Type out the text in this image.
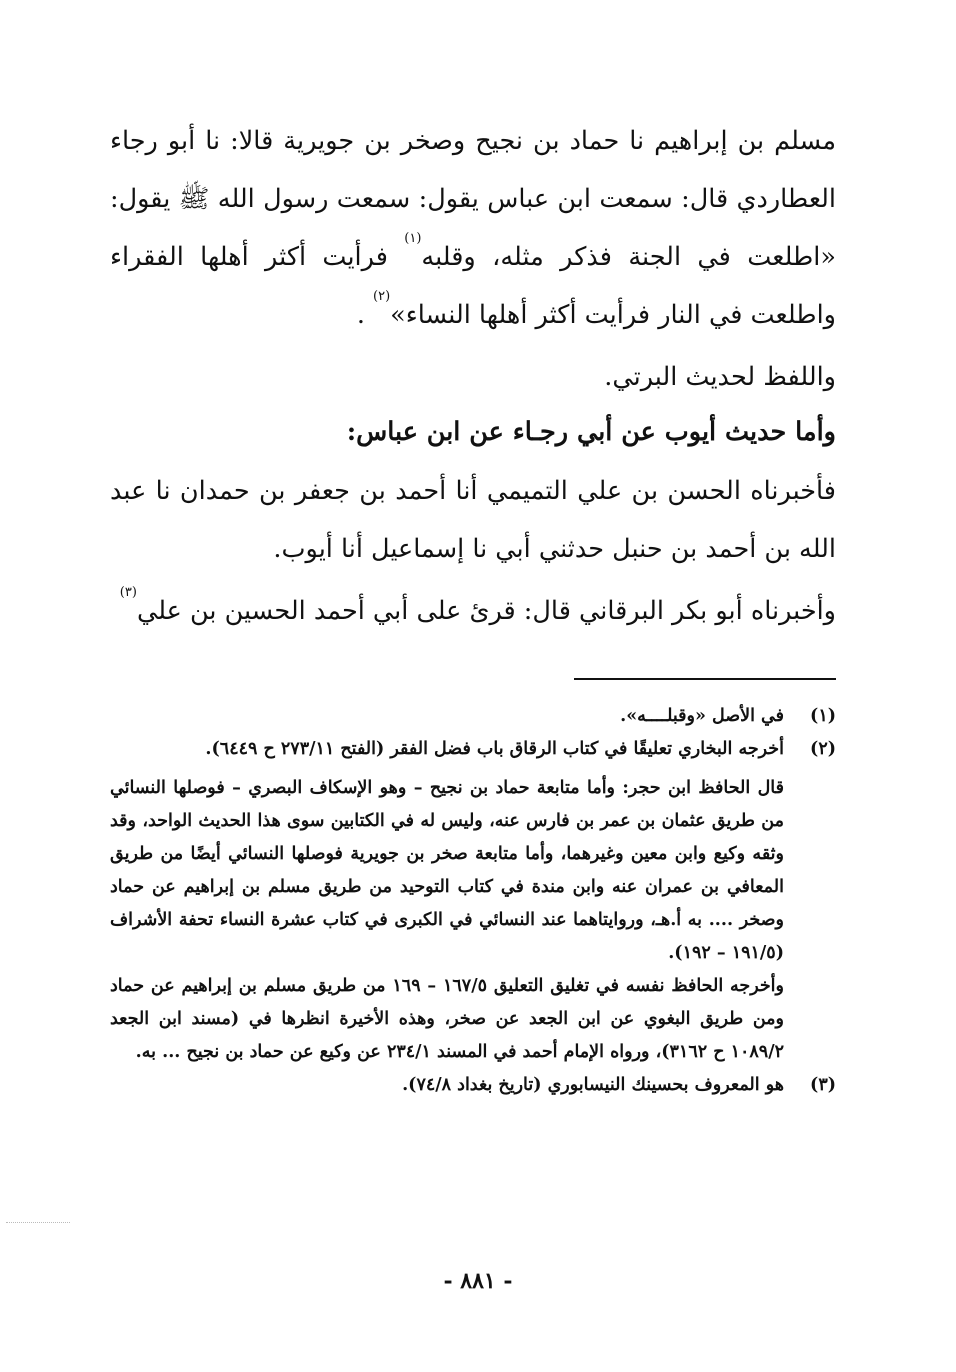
مسلم بن إبراهيم نا حماد بن نجيح وصخر بن جويرية قالا: نا أبو رجاء العطاردي قال: سمعت ابن عباس يقول: سمعت رسول الله ﷺ يقول: «اطلعت في الجنة فذكر مثله، وقلبه$^{(١)}$ فرأيت أكثر أهلها الفقراء واطلعت في النار فرأيت أكثر أهلها النساء»$^{(٢)}$ .

واللفظ لحديث البرتي.

وأما حديث أيوب عن أبي رجـاء عن ابن عباس:

فأخبرناه الحسن بن علي التميمي أنا أحمد بن جعفر بن حمدان نا عبد الله بن أحمد بن حنبل حدثني أبي نا إسماعيل أنا أيوب.

وأخبرناه أبو بكر البرقاني قال: قرئ على أبي أحمد الحسين بن علي$^{(٣)}$

(١)
في الأصل «وقبلــــه».
(٢)
أخرجه البخاري تعليقًا في كتاب الرقاق باب فضل الفقر (الفتح ٢٧٣/١١ ح ٦٤٤٩).
قال الحافظ ابن حجر: وأما متابعة حماد بن نجيح – وهو الإسكاف البصري – فوصلها النسائي من طريق عثمان بن عمر بن فارس عنه، وليس له في الكتابين سوى هذا الحديث الواحد، وقد وثقه وكيع وابن معين وغيرهما، وأما متابعة صخر بن جويرية فوصلها النسائي أيضًا من طريق المعافي بن عمران عنه وابن مندة في كتاب التوحيد من طريق مسلم بن إبراهيم عن حماد وصخر .... به أ.هـ، وروايتاهما عند النسائي في الكبرى في كتاب عشرة النساء تحفة الأشراف (١٩١/٥ – ١٩٢).
وأخرجه الحافظ نفسه في تغليق التعليق ١٦٧/٥ – ١٦٩ من طريق مسلم بن إبراهيم عن حماد ومن طريق البغوي عن ابن الجعد عن صخر، وهذه الأخيرة انظرها في (مسند ابن الجعد ١٠٨٩/٢ ح ٣١٦٢)، ورواه الإمام أحمد في المسند ٢٣٤/١ عن وكيع عن حماد بن نجيح ... به.
(٣)
هو المعروف بحسينك النيسابوري (تاريخ بغداد ٧٤/٨).
- ٨٨١ -
